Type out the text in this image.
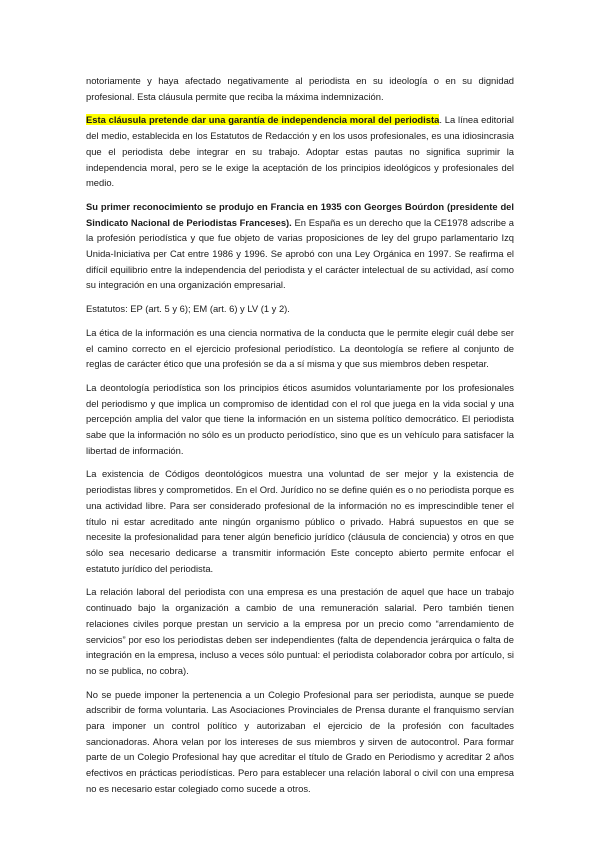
notoriamente y haya afectado negativamente al periodista en su ideología o en su dignidad profesional. Esta cláusula permite que reciba la máxima indemnización.

Esta cláusula pretende dar una garantía de independencia moral del periodista. La línea editorial del medio, establecida en los Estatutos de Redacción y en los usos profesionales, es una idiosincrasia que el periodista debe integrar en su trabajo. Adoptar estas pautas no significa suprimir la independencia moral, pero se le exige la aceptación de los principios ideológicos y profesionales del medio.

Su primer reconocimiento se produjo en Francia en 1935 con Georges Boúrdon (presidente del Sindicato Nacional de Periodistas Franceses). En España es un derecho que la CE1978 adscribe a la profesión periodística y que fue objeto de varias proposiciones de ley del grupo parlamentario Izq Unida-Iniciativa per Cat entre 1986 y 1996. Se aprobó con una Ley Orgánica en 1997. Se reafirma el difícil equilibrio entre la independencia del periodista y el carácter intelectual de su actividad, así como su integración en una organización empresarial.

Estatutos: EP (art. 5 y 6); EM (art. 6) y LV (1 y 2).

La ética de la información es una ciencia normativa de la conducta que le permite elegir cuál debe ser el camino correcto en el ejercicio profesional periodístico. La deontología se refiere al conjunto de reglas de carácter ético que una profesión se da a sí misma y que sus miembros deben respetar.

La deontología periodística son los principios éticos asumidos voluntariamente por los profesionales del periodismo y que implica un compromiso de identidad con el rol que juega en la vida social y una percepción amplia del valor que tiene la información en un sistema político democrático. El periodista sabe que la información no sólo es un producto periodístico, sino que es un vehículo para satisfacer la libertad de información.

La existencia de Códigos deontológicos muestra una voluntad de ser mejor y la existencia de periodistas libres y comprometidos. En el Ord. Jurídico no se define quién es o no periodista porque es una actividad libre. Para ser considerado profesional de la información no es imprescindible tener el título ni estar acreditado ante ningún organismo público o privado. Habrá supuestos en que se necesite la profesionalidad para tener algún beneficio jurídico (cláusula de conciencia) y otros en que sólo sea necesario dedicarse a transmitir información Este concepto abierto permite enfocar el estatuto jurídico del periodista.

La relación laboral del periodista con una empresa es una prestación de aquel que hace un trabajo continuado bajo la organización a cambio de una remuneración salarial. Pero también tienen relaciones civiles porque prestan un servicio a la empresa por un precio como “arrendamiento de servicios” por eso los periodistas deben ser independientes (falta de dependencia jerárquica o falta de integración en la empresa, incluso a veces sólo puntual: el periodista colaborador cobra por artículo, si no se publica, no cobra).

No se puede imponer la pertenencia a un Colegio Profesional para ser periodista, aunque se puede adscribir de forma voluntaria. Las Asociaciones Provinciales de Prensa durante el franquismo servían para imponer un control político y autorizaban el ejercicio de la profesión con facultades sancionadoras. Ahora velan por los intereses de sus miembros y sirven de autocontrol. Para formar parte de un Colegio Profesional hay que acreditar el título de Grado en Periodismo y acreditar 2 años efectivos en prácticas periodísticas. Pero para establecer una relación laboral o civil con una empresa no es necesario estar colegiado como sucede a otros.
